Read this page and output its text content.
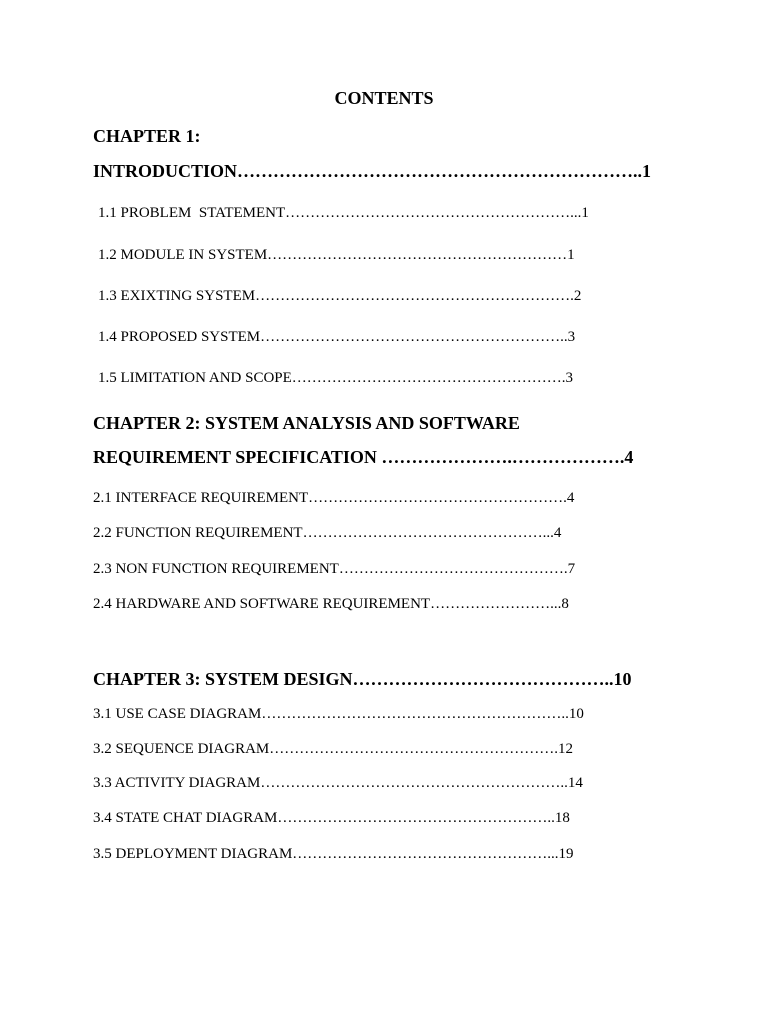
CONTENTS

CHAPTER 1:

INTRODUCTION…………………………………………………………..1

1.1 PROBLEM  STATEMENT…………………………………………………...1

1.2 MODULE IN SYSTEM……………………………………………………1

1.3 EXIXTING SYSTEM……………………………………………………….2

1.4 PROPOSED SYSTEM……………………………………………………..3

1.5 LIMITATION AND SCOPE……………………………………………….3

CHAPTER 2: SYSTEM ANALYSIS AND SOFTWARE

REQUIREMENT SPECIFICATION ………………….……………….4

2.1 INTERFACE REQUIREMENT…………………………………………….4

2.2 FUNCTION REQUIREMENT…………………………………………...4

2.3 NON FUNCTION REQUIREMENT……………………………………….7

2.4 HARDWARE AND SOFTWARE REQUIREMENT……………………...8

CHAPTER 3: SYSTEM DESIGN……………………………………..10

3.1 USE CASE DIAGRAM……………………………………………………..10

3.2 SEQUENCE DIAGRAM………………………………………………….12

3.3 ACTIVITY DIAGRAM……………………………………………………..14

3.4 STATE CHAT DIAGRAM………………………………………………..18

3.5 DEPLOYMENT DIAGRAM……………………………………………...19
